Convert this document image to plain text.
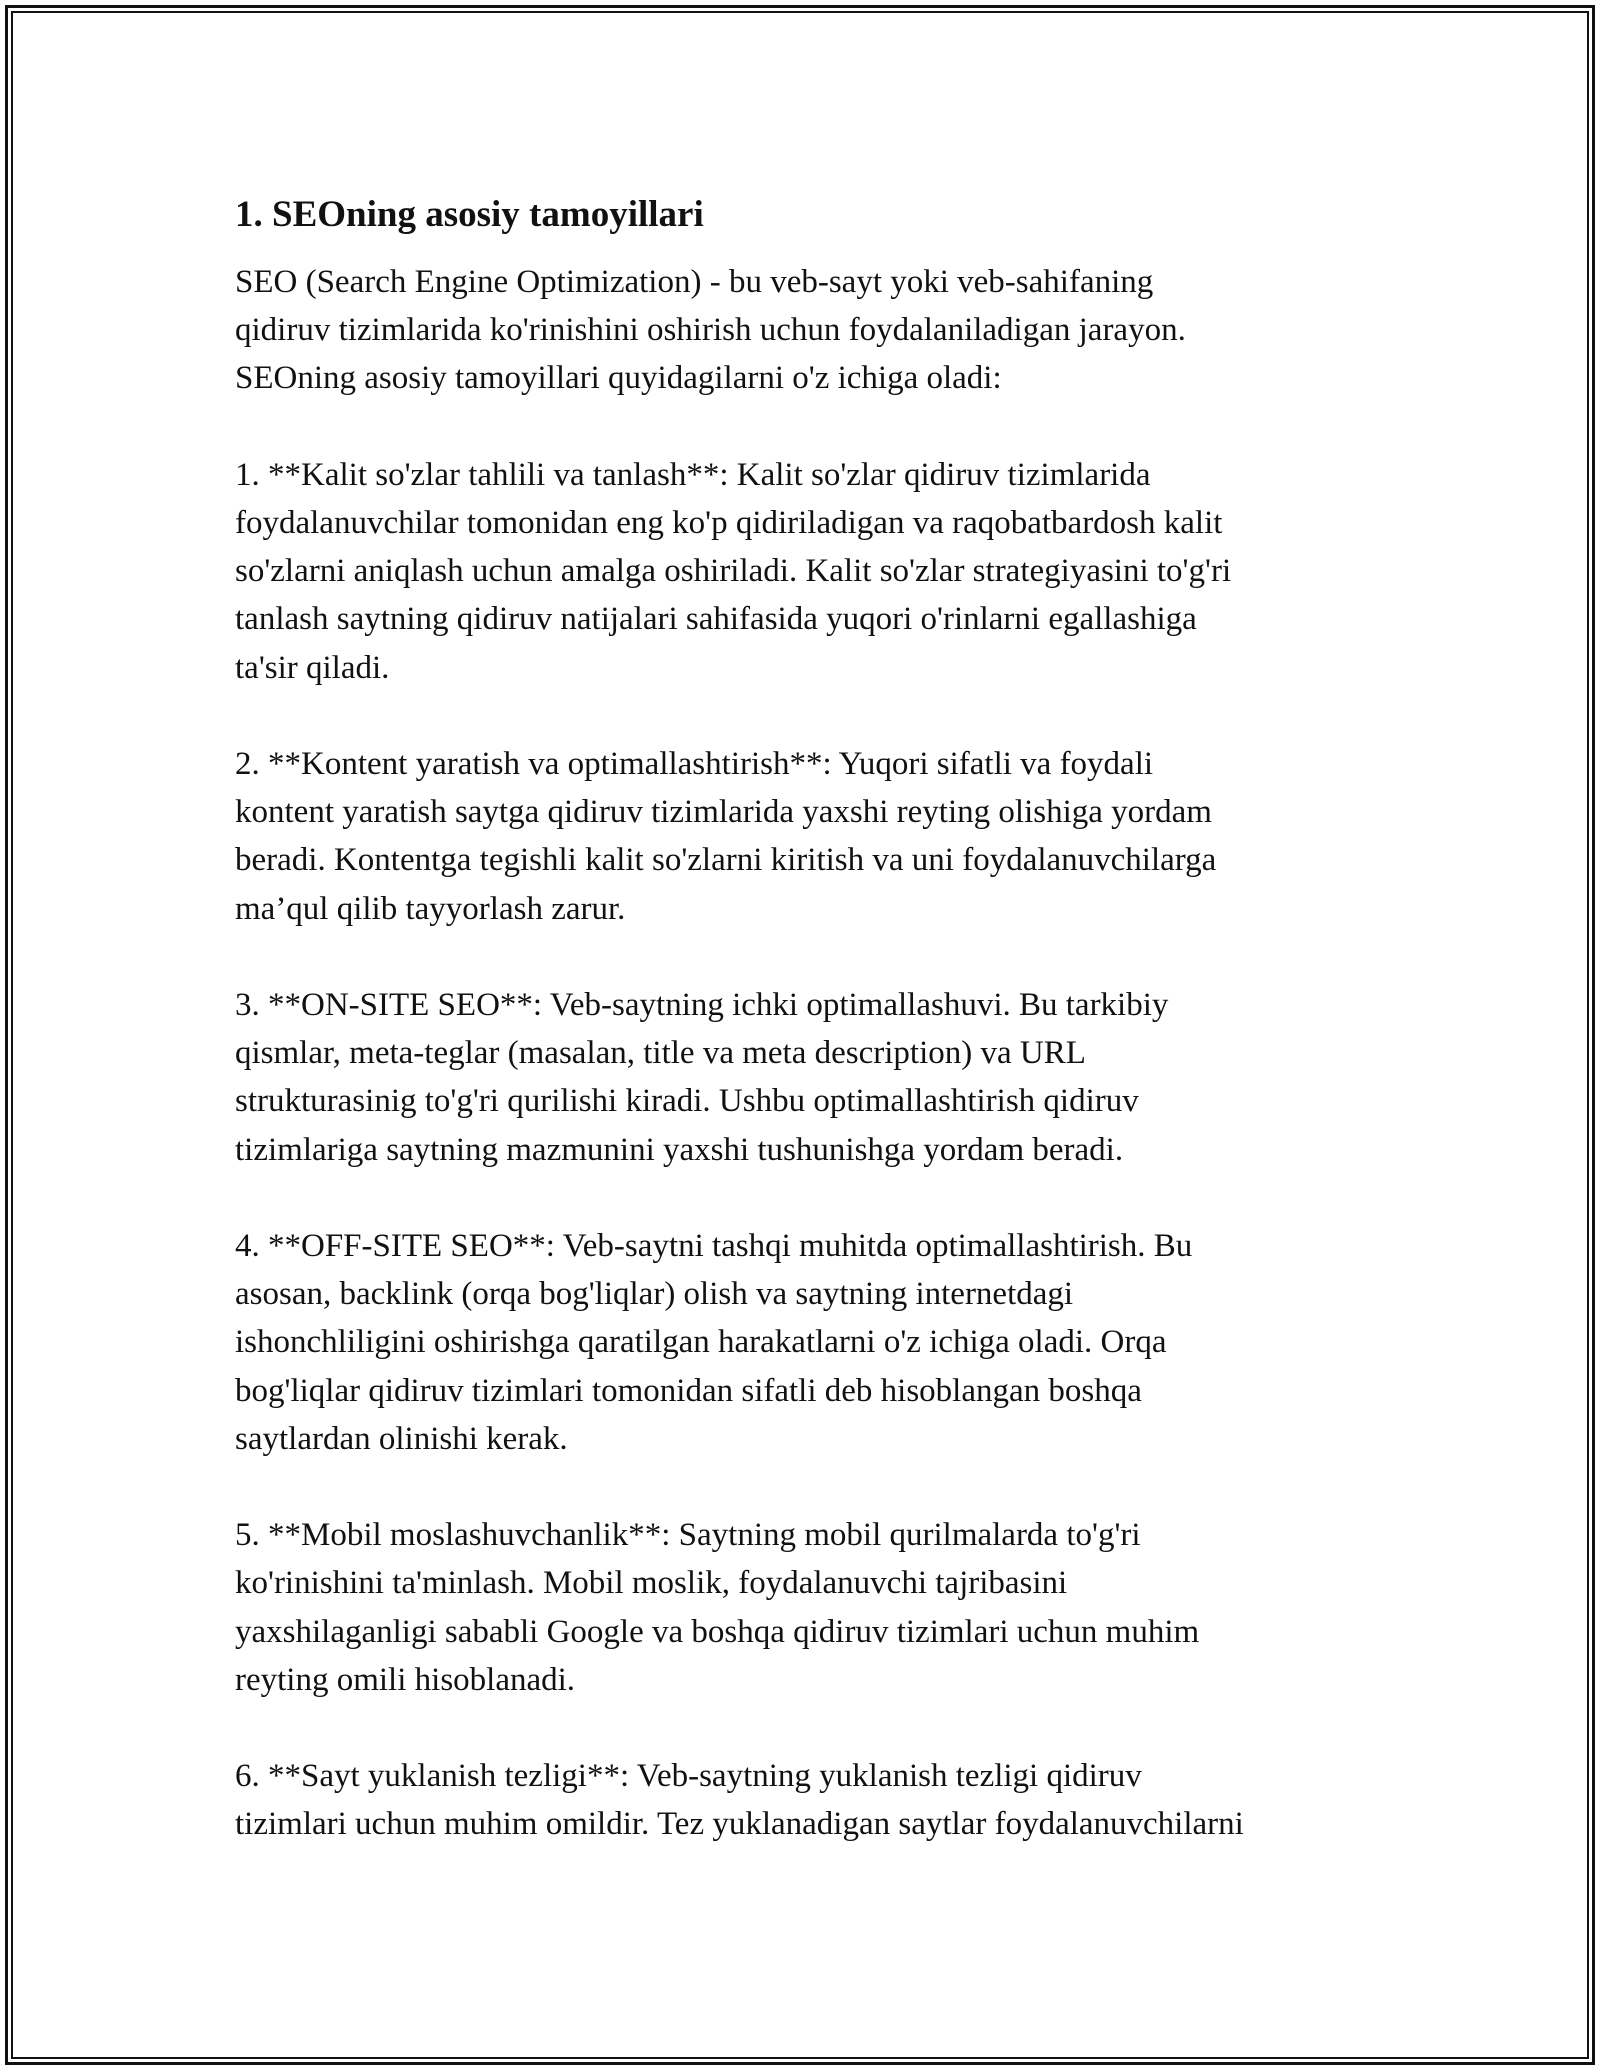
1. SEOning asosiy tamoyillari

SEO (Search Engine Optimization) - bu veb-sayt yoki veb-sahifaning
qidiruv tizimlarida ko'rinishini oshirish uchun foydalaniladigan jarayon.
SEOning asosiy tamoyillari quyidagilarni o'z ichiga oladi:

1. **Kalit so'zlar tahlili va tanlash**: Kalit so'zlar qidiruv tizimlarida
foydalanuvchilar tomonidan eng ko'p qidiriladigan va raqobatbardosh kalit
so'zlarni aniqlash uchun amalga oshiriladi. Kalit so'zlar strategiyasini to'g'ri
tanlash saytning qidiruv natijalari sahifasida yuqori o'rinlarni egallashiga
ta'sir qiladi.

2. **Kontent yaratish va optimallashtirish**: Yuqori sifatli va foydali
kontent yaratish saytga qidiruv tizimlarida yaxshi reyting olishiga yordam
beradi. Kontentga tegishli kalit so'zlarni kiritish va uni foydalanuvchilarga
ma’qul qilib tayyorlash zarur.

3. **ON-SITE SEO**: Veb-saytning ichki optimallashuvi. Bu tarkibiy
qismlar, meta-teglar (masalan, title va meta description) va URL
strukturasinig to'g'ri qurilishi kiradi. Ushbu optimallashtirish qidiruv
tizimlariga saytning mazmunini yaxshi tushunishga yordam beradi.

4. **OFF-SITE SEO**: Veb-saytni tashqi muhitda optimallashtirish. Bu
asosan, backlink (orqa bog'liqlar) olish va saytning internetdagi
ishonchliligini oshirishga qaratilgan harakatlarni o'z ichiga oladi. Orqa
bog'liqlar qidiruv tizimlari tomonidan sifatli deb hisoblangan boshqa
saytlardan olinishi kerak.

5. **Mobil moslashuvchanlik**: Saytning mobil qurilmalarda to'g'ri
ko'rinishini ta'minlash. Mobil moslik, foydalanuvchi tajribasini
yaxshilaganligi sababli Google va boshqa qidiruv tizimlari uchun muhim
reyting omili hisoblanadi.

6. **Sayt yuklanish tezligi**: Veb-saytning yuklanish tezligi qidiruv
tizimlari uchun muhim omildir. Tez yuklanadigan saytlar foydalanuvchilarni
